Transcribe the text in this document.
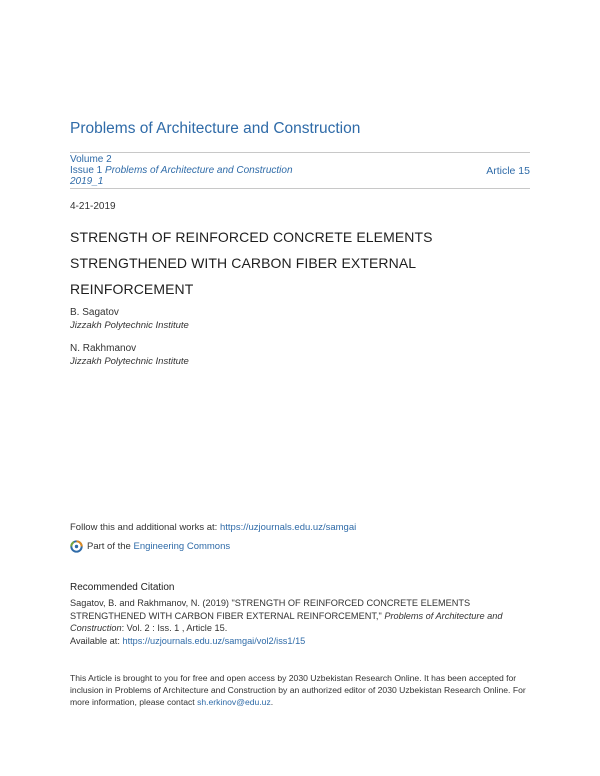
Problems of Architecture and Construction
Volume 2
Issue 1 Problems of Architecture and Construction 2019_1
Article 15
4-21-2019
STRENGTH OF REINFORCED CONCRETE ELEMENTS STRENGTHENED WITH CARBON FIBER EXTERNAL REINFORCEMENT
B. Sagatov
Jizzakh Polytechnic Institute
N. Rakhmanov
Jizzakh Polytechnic Institute
Follow this and additional works at: https://uzjournals.edu.uz/samgai
Part of the
Engineering Commons
Recommended Citation
Sagatov, B. and Rakhmanov, N. (2019) "STRENGTH OF REINFORCED CONCRETE ELEMENTS STRENGTHENED WITH CARBON FIBER EXTERNAL REINFORCEMENT," Problems of Architecture and Construction: Vol. 2 : Iss. 1 , Article 15.
Available at: https://uzjournals.edu.uz/samgai/vol2/iss1/15
This Article is brought to you for free and open access by 2030 Uzbekistan Research Online. It has been accepted for inclusion in Problems of Architecture and Construction by an authorized editor of 2030 Uzbekistan Research Online. For more information, please contact sh.erkinov@edu.uz.
